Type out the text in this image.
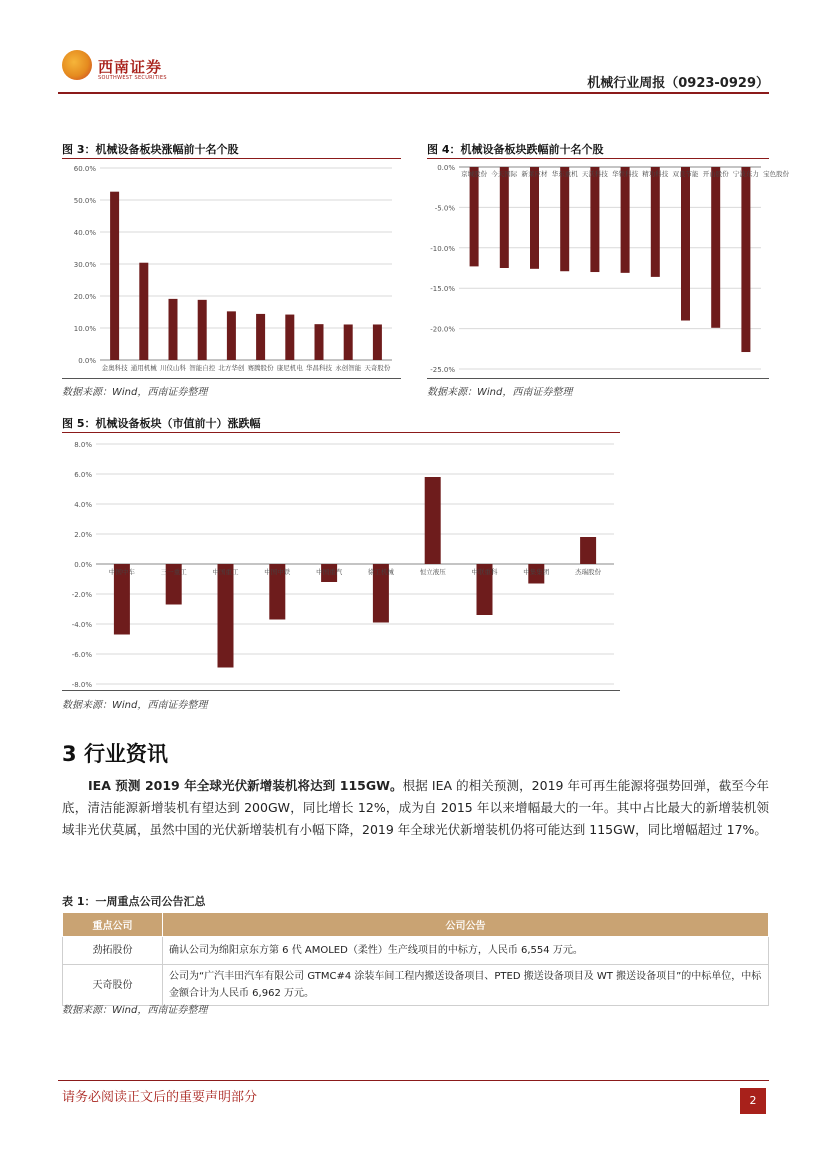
西南证券
SOUTHWEST SECURITIES	机械行业周报（0923-0929）
图 3：机械设备板块涨幅前十名个股
0.0%
10.0%
20.0%
30.0%
40.0%
50.0%
60.0%
金奥科技 通用机械 川仪山科 智能自控 北方华创 赛腾股份 康尼机电 华昌科技 永创智能 天奇股份
数据来源：Wind，西南证券整理
图 4：机械设备板块跌幅前十名个股
0.0%
-5.0%
-10.0%
-15.0%
-20.0%
-25.0%
京城股份 今天国际 新莱应材 华东重机 天沃科技 华铁科技 精功科技 双良节能 开山股份 宁波东力 宝色股份
数据来源：Wind，西南证券整理
图 5：机械设备板块（市值前十）涨跌幅
8.0%
6.0%
4.0%
2.0%
0.0%
-2.0%
-4.0%
-6.0%
-8.0%
中国中车	三一重工	中国重工	中国中铁	中国重汽	徐工机械	恒立液压	中联重科	中集集团	杰瑞股份
数据来源：Wind，西南证券整理
3 行业资讯
IEA 预测 2019 年全球光伏新增装机将达到 115GW。根据 IEA 的相关预测，2019 年可再生能源将强势回弹，截至今年底，清洁能源新增装机有望达到 200GW，同比增长 12%，成为自 2015 年以来增幅最大的一年。其中占比最大的新增装机领域非光伏莫属，虽然中国的光伏新增装机有小幅下降，2019 年全球光伏新增装机仍将可能达到 115GW，同比增幅超过 17%。
表 1：一周重点公司公告汇总
重点公司	公司公告
劲拓股份	确认公司为绵阳京东方第 6 代 AMOLED（柔性）生产线项目的中标方，人民币 6,554 万元。
天奇股份	公司为“广汽丰田汽车有限公司 GTMC#4 涂装车间工程内搬送设备项目、PTED 搬送设备项目及 WT 搬送设备项目”的中标单位，中标金额合计为人民币 6,962 万元。
数据来源：Wind，西南证券整理
请务必阅读正文后的重要声明部分	2
